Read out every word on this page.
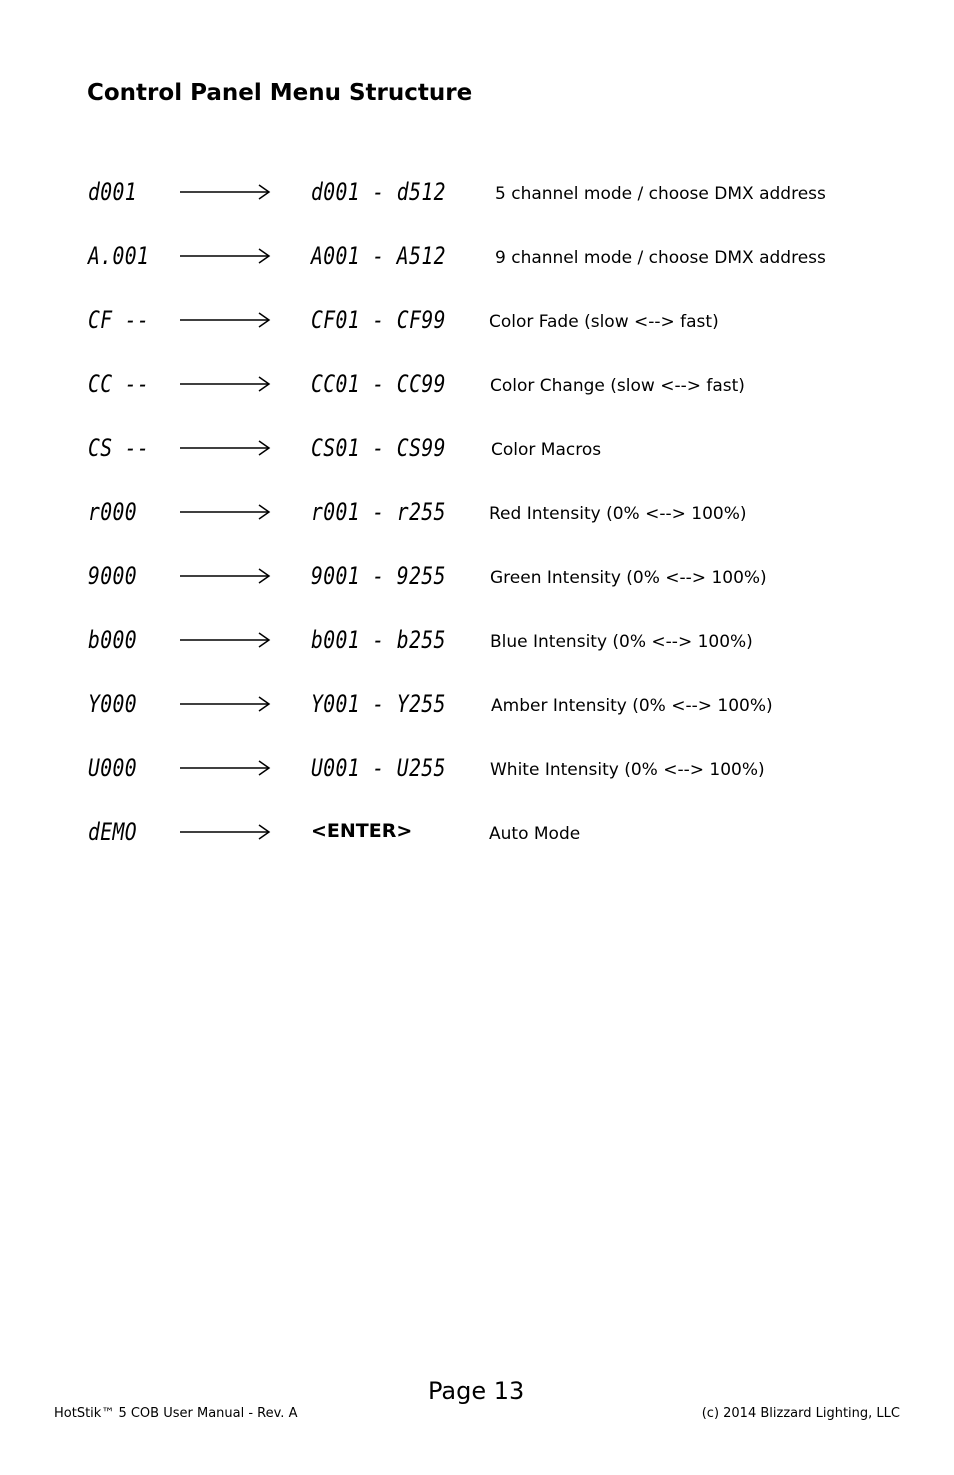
Control Panel Menu Structure
d001	d001 - d512	5 channel mode / choose DMX address
A.001	A001 - A512	9 channel mode / choose DMX address
CF --	CF01 - CF99	Color Fade (slow <--> fast)
CC --	CC01 - CC99	Color Change (slow <--> fast)
CS --	CS01 - CS99	Color Macros
r000	r001 - r255	Red Intensity (0% <--> 100%)
9000	9001 - 9255	Green Intensity (0% <--> 100%)
b000	b001 - b255	Blue Intensity (0% <--> 100%)
Y000	Y001 - Y255	Amber Intensity (0% <--> 100%)
U000	U001 - U255	White Intensity (0% <--> 100%)
dEMO	<ENTER>	Auto Mode
Page 13
HotStik™ 5 COB User Manual - Rev. A	(c) 2014 Blizzard Lighting, LLC
